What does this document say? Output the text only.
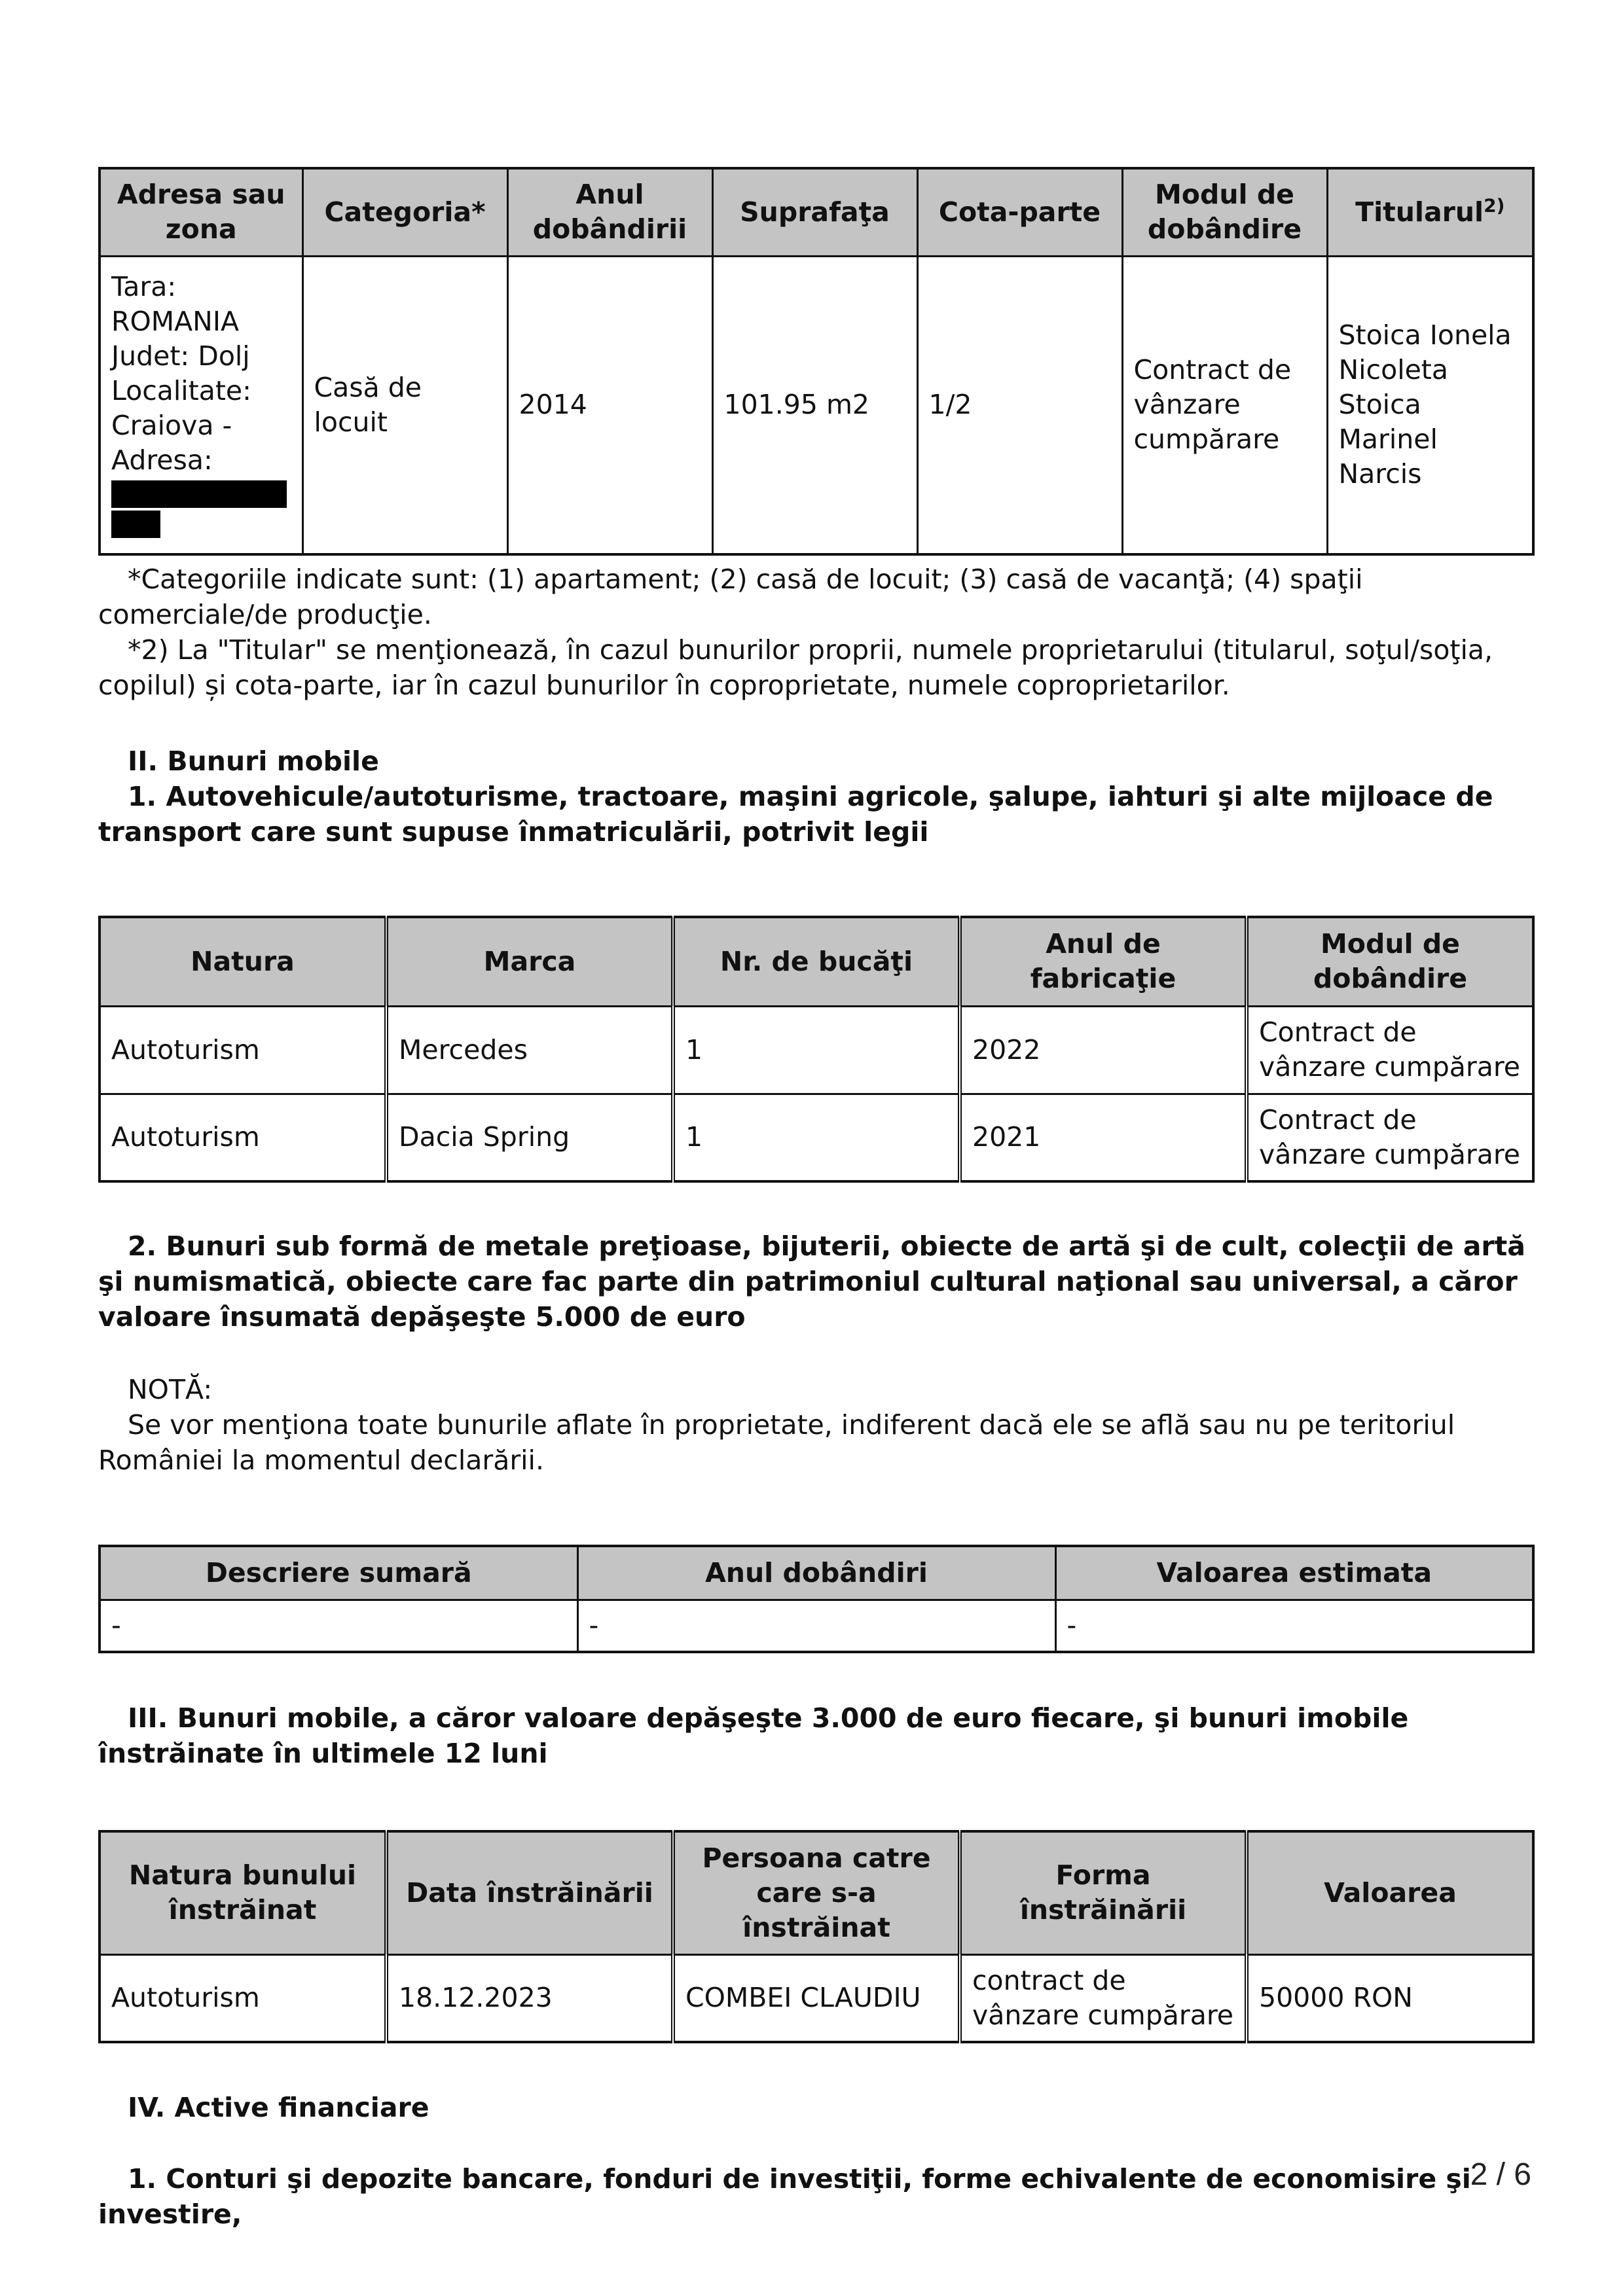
Adresa sau zona	Categoria*	Anul dobândirii	Suprafaţa	Cota-parte	Modul de dobândire	Titularul$^{2)}$

Tara: ROMANIA
Judet: Dolj
Localitate: Craiova - Adresa:	Casă de locuit	2014	101.95 m2	1/2	Contract de vânzare cumpărare	Stoica Ionela Nicoleta Stoica Marinel Narcis

*Categoriile indicate sunt: (1) apartament; (2) casă de locuit; (3) casă de vacanţă; (4) spaţii comerciale/de producţie.

*2) La "Titular" se menţionează, în cazul bunurilor proprii, numele proprietarului (titularul, soţul/soţia, copilul) și cota-parte, iar în cazul bunurilor în coproprietate, numele coproprietarilor.

II. Bunuri mobile

1. Autovehicule/autoturisme, tractoare, maşini agricole, şalupe, iahturi şi alte mijloace de transport care sunt supuse înmatriculării, potrivit legii

Natura	Marca	Nr. de bucăţi	Anul de fabricaţie	Modul de dobândire
Autoturism	Mercedes	1	2022	Contract de vânzare cumpărare
Autoturism	Dacia Spring	1	2021	Contract de vânzare cumpărare

2. Bunuri sub formă de metale preţioase, bijuterii, obiecte de artă şi de cult, colecţii de artă şi numismatică, obiecte care fac parte din patrimoniul cultural naţional sau universal, a căror valoare însumată depăşeşte 5.000 de euro

NOTĂ:

Se vor menţiona toate bunurile aflate în proprietate, indiferent dacă ele se află sau nu pe teritoriul României la momentul declarării.

Descriere sumară	Anul dobândiri	Valoarea estimata
-	-	-

III. Bunuri mobile, a căror valoare depăşeşte 3.000 de euro fiecare, şi bunuri imobile înstrăinate în ultimele 12 luni

Natura bunului înstrăinat	Data înstrăinării	Persoana catre care s-a înstrăinat	Forma înstrăinării	Valoarea
Autoturism	18.12.2023	COMBEI CLAUDIU	contract de vânzare cumpărare	50000 RON

IV. Active financiare

1. Conturi şi depozite bancare, fonduri de investiţii, forme echivalente de economisire şi investire,

2 / 6
